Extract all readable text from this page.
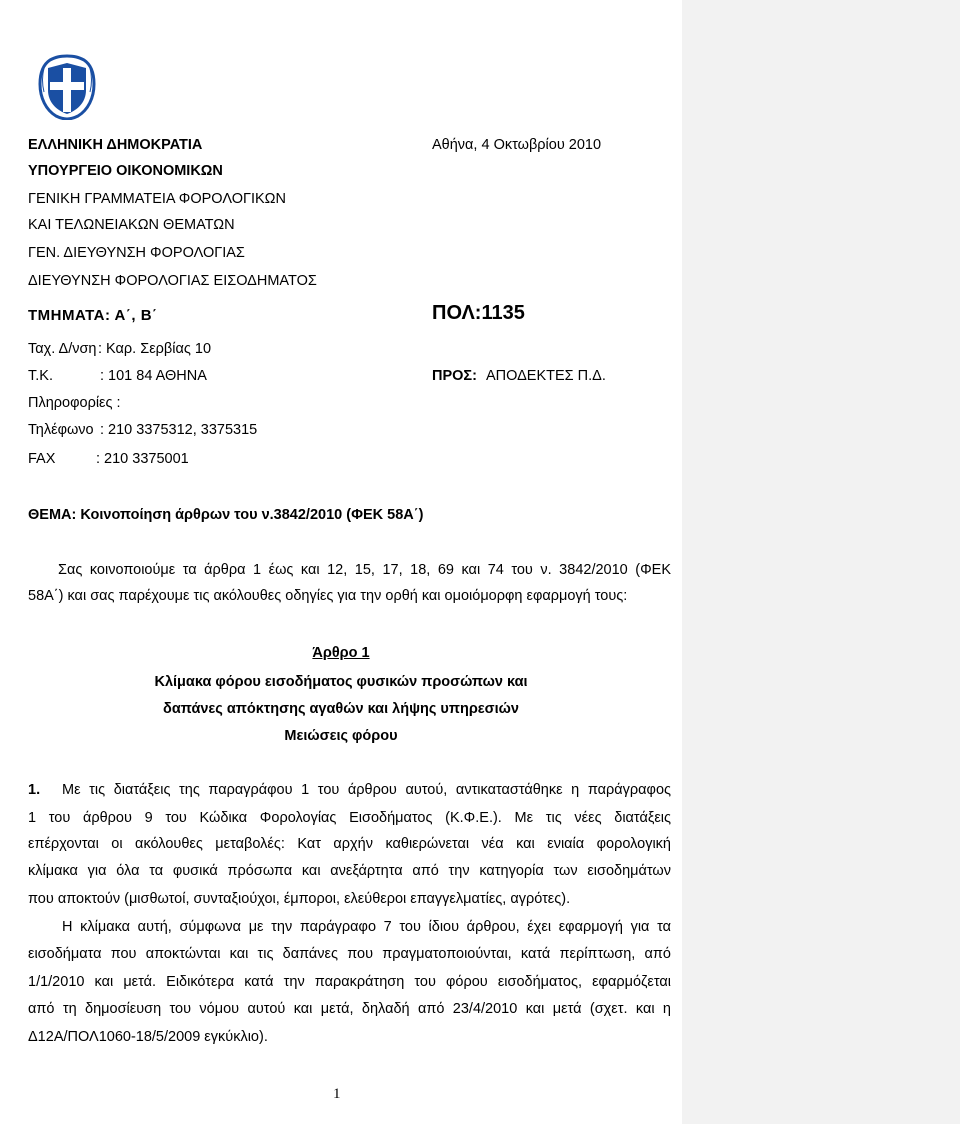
ΕΛΛΗΝΙΚΗ ΔΗΜΟΚΡΑΤΙΑ
ΥΠΟΥΡΓΕΙΟ ΟΙΚΟΝΟΜΙΚΩΝ
ΓΕΝΙΚΗ ΓΡΑΜΜΑΤΕΙΑ ΦΟΡΟΛΟΓΙΚΩΝ
ΚΑΙ ΤΕΛΩΝΕΙΑΚΩΝ ΘΕΜΑΤΩΝ
ΓΕΝ. ΔΙΕΥΘΥΝΣΗ ΦΟΡΟΛΟΓΙΑΣ
ΔΙΕΥΘΥΝΣΗ ΦΟΡΟΛΟΓΙΑΣ ΕΙΣΟΔΗΜΑΤΟΣ
ΤΜΗΜΑΤΑ: Α΄, Β΄
Αθήνα, 4 Οκτωβρίου 2010
ΠΟΛ:1135
Ταχ. Δ/νση : Καρ. Σερβίας 10
Τ.Κ.	: 101 84 ΑΘΗΝΑ	ΠΡΟΣ: ΑΠΟΔΕΚΤΕΣ Π.Δ.
Πληροφορίες :
Τηλέφωνο : 210 3375312, 3375315
FAX	: 210 3375001
ΘΕΜΑ: Κοινοποίηση άρθρων του ν.3842/2010 (ΦΕΚ 58Α΄)
Σας κοινοποιούμε τα άρθρα 1 έως και 12, 15, 17, 18, 69 και 74 του ν. 3842/2010 (ΦΕΚ
58Α΄) και σας παρέχουμε τις ακόλουθες οδηγίες για την ορθή και ομοιόμορφη εφαρμογή τους:
Άρθρο 1
Κλίμακα φόρου εισοδήματος φυσικών προσώπων και
δαπάνες απόκτησης αγαθών και λήψης υπηρεσιών
Μειώσεις φόρου
1. Με τις διατάξεις της παραγράφου 1 του άρθρου αυτού, αντικαταστάθηκε η παράγραφος
1 του άρθρου 9 του Κώδικα Φορολογίας Εισοδήματος (Κ.Φ.Ε.). Με τις νέες διατάξεις
επέρχονται οι ακόλουθες μεταβολές: Κατ αρχήν καθιερώνεται νέα και ενιαία φορολογική
κλίμακα για όλα τα φυσικά πρόσωπα και ανεξάρτητα από την κατηγορία των εισοδημάτων
που αποκτούν (μισθωτοί, συνταξιούχοι, έμποροι, ελεύθεροι επαγγελματίες, αγρότες).
Η κλίμακα αυτή, σύμφωνα με την παράγραφο 7 του ίδιου άρθρου, έχει εφαρμογή για τα
εισοδήματα που αποκτώνται και τις δαπάνες που πραγματοποιούνται, κατά περίπτωση, από
1/1/2010 και μετά. Ειδικότερα κατά την παρακράτηση του φόρου εισοδήματος, εφαρμόζεται
από τη δημοσίευση του νόμου αυτού και μετά, δηλαδή από 23/4/2010 και μετά (σχετ. και η
Δ12Α/ΠΟΛ1060-18/5/2009 εγκύκλιο).
1
